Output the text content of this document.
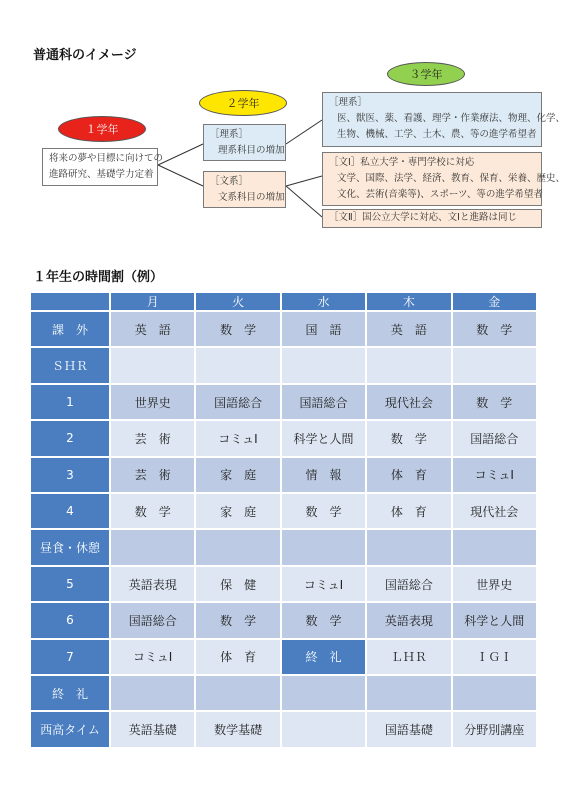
普通科のイメージ
３学年
２学年
１学年
将来の夢や目標に向けての
進路研究、基礎学力定着
［理系］
理系科目の増加
［文系］
文系科目の増加
［理系］
医、獣医、薬、看護、理学・作業療法、物理、化学、
生物、機械、工学、土木、農、等の進学希望者
［文Ⅰ］私立大学・専門学校に対応
文学、国際、法学、経済、教育、保育、栄養、歴史、
文化、芸術(音楽等)、スポーツ、等の進学希望者
［文Ⅱ］国公立大学に対応、文Ⅰと進路は同じ
１年生の時間割（例）
	月	火	水	木	金
課　外	英　語	数　学	国　語	英　語	数　学
ＳＨＲ					
1	世界史	国語総合	国語総合	現代社会	数　学
2	芸　術	コミュⅠ	科学と人間	数　学	国語総合
3	芸　術	家　庭	情　報	体　育	コミュⅠ
4	数　学	家　庭	数　学	体　育	現代社会
昼食・休憩					
5	英語表現	保　健	コミュⅠ	国語総合	世界史
6	国語総合	数　学	数　学	英語表現	科学と人間
7	コミュⅠ	体　育	終　礼	ＬＨＲ	ＩＧＩ
終　礼					
西高タイム	英語基礎	数学基礎		国語基礎	分野別講座
